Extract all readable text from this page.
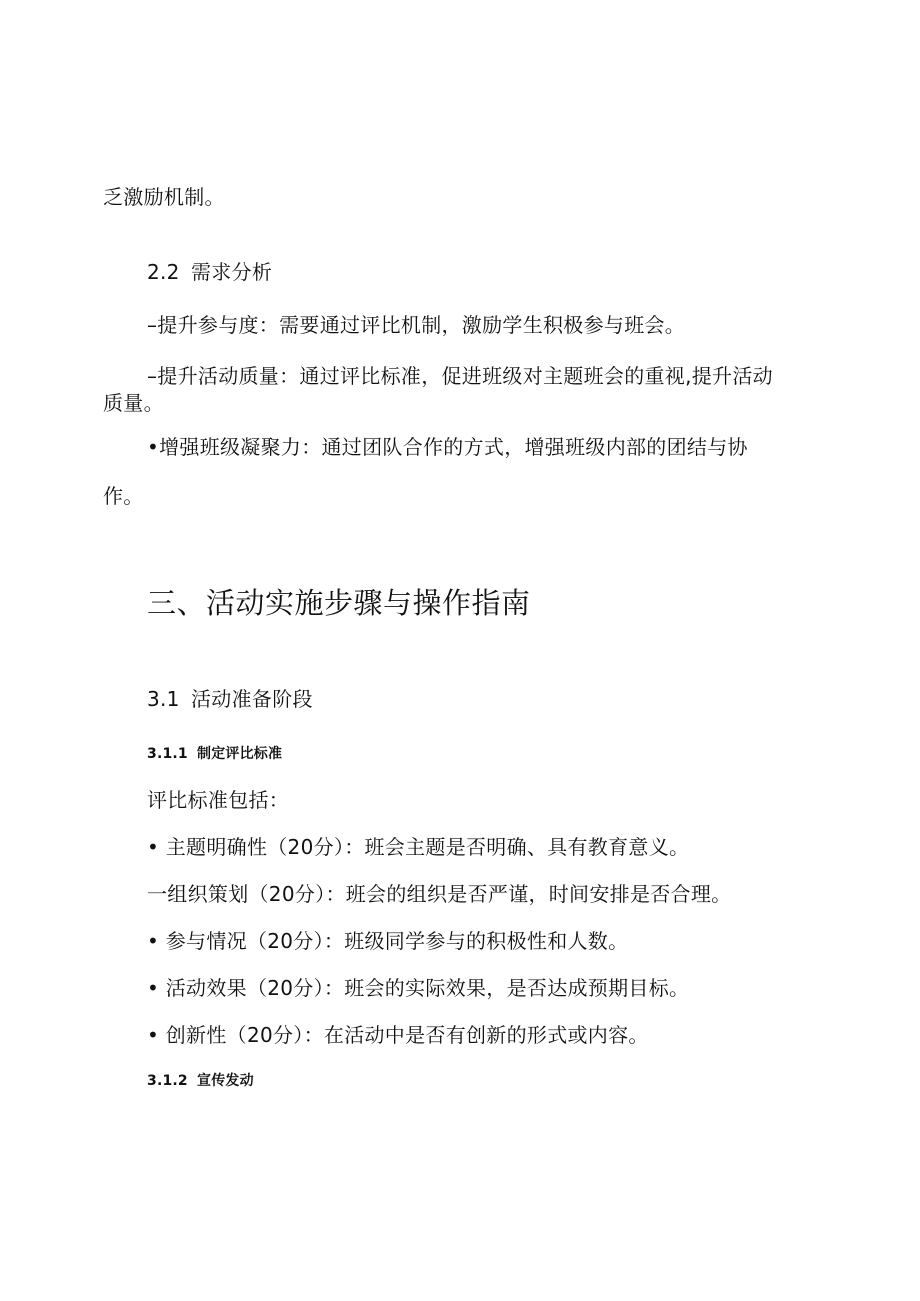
乏激励机制。
2.2 需求分析
–提升参与度：需要通过评比机制，激励学生积极参与班会。
–提升活动质量：通过评比标准，促进班级对主题班会的重视,提升活动
质量。
•增强班级凝聚力：通过团队合作的方式，增强班级内部的团结与协
作。
三、活动实施步骤与操作指南
3.1 活动准备阶段
3.1.1 制定评比标准
评比标准包括：
• 主题明确性（20分）：班会主题是否明确、具有教育意义。
一组织策划（20分）：班会的组织是否严谨，时间安排是否合理。
• 参与情况（20分）：班级同学参与的积极性和人数。
• 活动效果（20分）：班会的实际效果，是否达成预期目标。
• 创新性（20分）：在活动中是否有创新的形式或内容。
3.1.2 宣传发动
